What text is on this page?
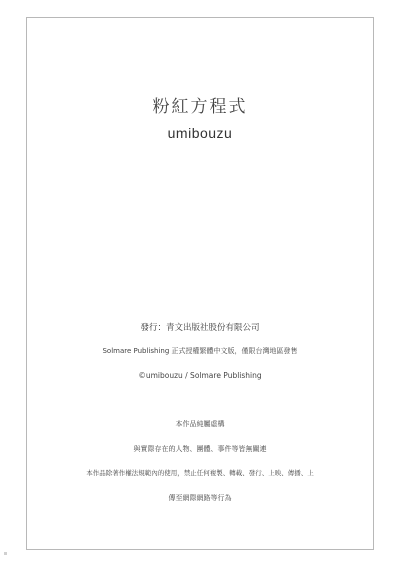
粉紅方程式
umibouzu
發行：青文出版社股份有限公司
Solmare Publishing 正式授權繁體中文版，僅限台灣地區發售
©umibouzu / Solmare Publishing
本作品純屬虛構
與實際存在的人物、團體、事件等皆無關連
本作品除著作權法規範內的使用，禁止任何複製、轉載、發行、上映、傳播、上
傳至網際網路等行為
